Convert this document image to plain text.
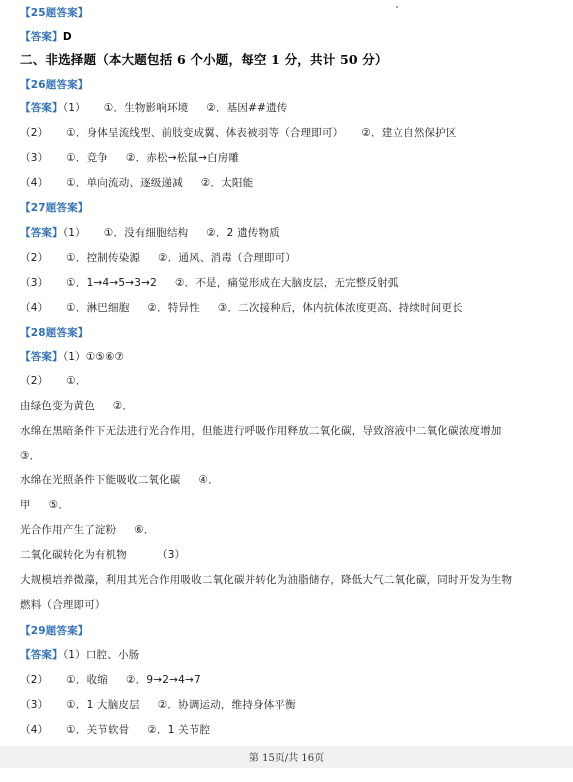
【25题答案】
【答案】D
二、非选择题（本大题包括 6 个小题，每空 1 分，共计 50 分）
【26题答案】
【答案】（1） ①．生物影响环境 ②．基因##遗传
（2） ①．身体呈流线型、前肢变成翼、体表被羽等（合理即可） ②．建立自然保护区
（3） ①．竞争 ②．赤松→松鼠→白房雕
（4） ①．单向流动、逐级递减 ②．太阳能
【27题答案】
【答案】（1） ①．没有细胞结构 ②．2 遗传物质
（2） ①．控制传染源 ②．通风、消毒（合理即可）
（3） ①．1→4→5→3→2 ②．不是，痛觉形成在大脑皮层，无完整反射弧
（4） ①．淋巴细胞 ②．特异性 ③．二次接种后，体内抗体浓度更高、持续时间更长
【28题答案】
【答案】（1）①⑤⑥⑦
（2） ①．
由绿色变为黄色 ②．
水绵在黑暗条件下无法进行光合作用，但能进行呼吸作用释放二氧化碳，导致溶液中二氧化碳浓度增加
③．
水绵在光照条件下能吸收二氧化碳 ④．
甲 ⑤．
光合作用产生了淀粉 ⑥．
二氧化碳转化为有机物	（3）
大规模培养微藻，利用其光合作用吸收二氧化碳并转化为油脂储存，降低大气二氧化碳，同时开发为生物
燃料（合理即可）
【29题答案】
【答案】（1）口腔、小肠
（2） ①．收缩 ②．9→2→4→7
（3） ①．1 大脑皮层 ②．协调运动，维持身体平衡
（4） ①．关节软骨 ②．1 关节腔
第 15页/共 16页
